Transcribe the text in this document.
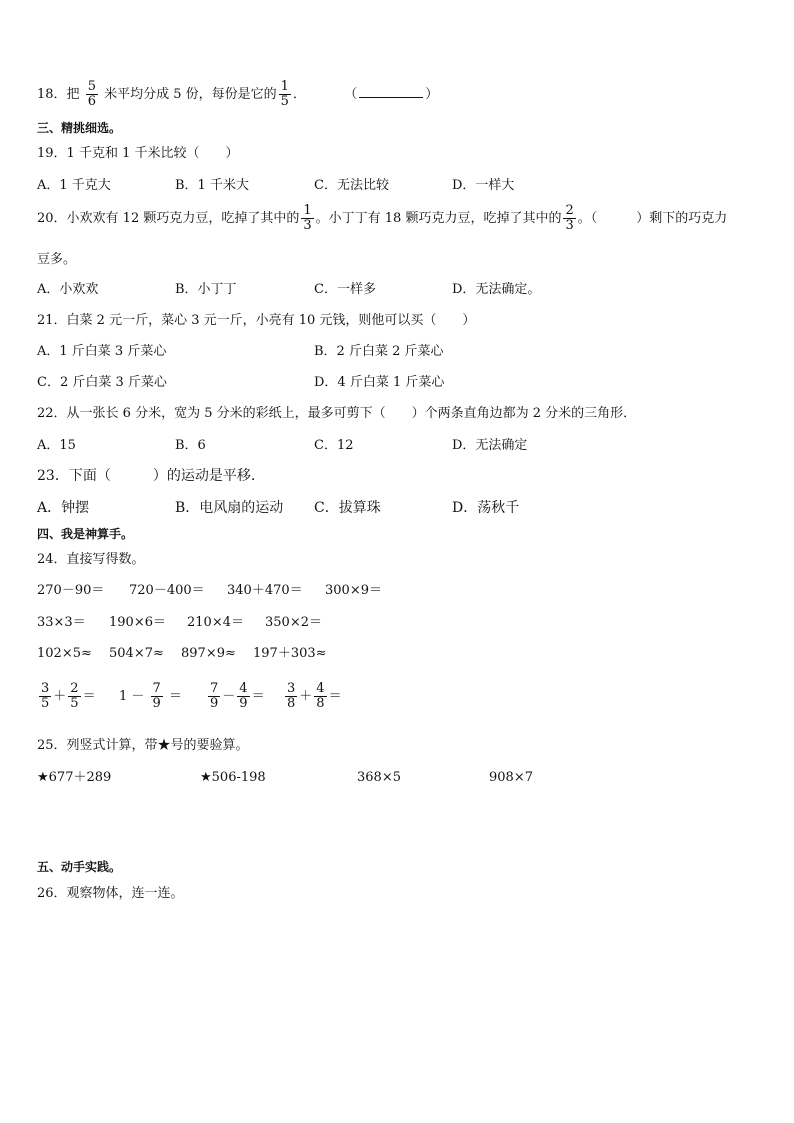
18．把 $\frac{5}{6}$ 米平均分成 5 份，每份是它的 $\frac{1}{5}$ ．	（	）
三、精挑细选。
19．1 千克和 1 千米比较（　　）
A．1 千克大	B．1 千米大	C．无法比较	D．一样大
20．小欢欢有 12 颗巧克力豆，吃掉了其中的 $\frac{1}{3}$ 。小丁丁有 18 颗巧克力豆，吃掉了其中的 $\frac{2}{3}$ 。（　　　）剩下的巧克力
豆多。
A．小欢欢	B．小丁丁	C．一样多	D．无法确定。
21．白菜 2 元一斤，菜心 3 元一斤，小亮有 10 元钱，则他可以买（　　）
A．1 斤白菜 3 斤菜心	B．2 斤白菜 2 斤菜心
C．2 斤白菜 3 斤菜心	D．4 斤白菜 1 斤菜心
22．从一张长 6 分米，宽为 5 分米的彩纸上，最多可剪下（　　）个两条直角边都为 2 分米的三角形．
A．15	B．6	C．12	D．无法确定
23．下面（　　　）的运动是平移.
A．钟摆	B．电风扇的运动 C．拔算珠	D．荡秋千
四、我是神算手。
24．直接写得数。
270－90＝ 720－400＝ 340＋470＝ 300×9＝
33×3＝ 190×6＝ 210×4＝ 350×2＝
102×5≈ 504×7≈ 897×9≈ 197＋303≈
$\frac{3}{5} + \frac{2}{5} = 1 - \frac{7}{9} = \frac{7}{9} - \frac{4}{9} = \frac{3}{8} + \frac{4}{8}$ ＝
25．列竖式计算，带★号的要验算。
★677＋289	★506-198	368×5	908×7
五、动手实践。
26．观察物体，连一连。
